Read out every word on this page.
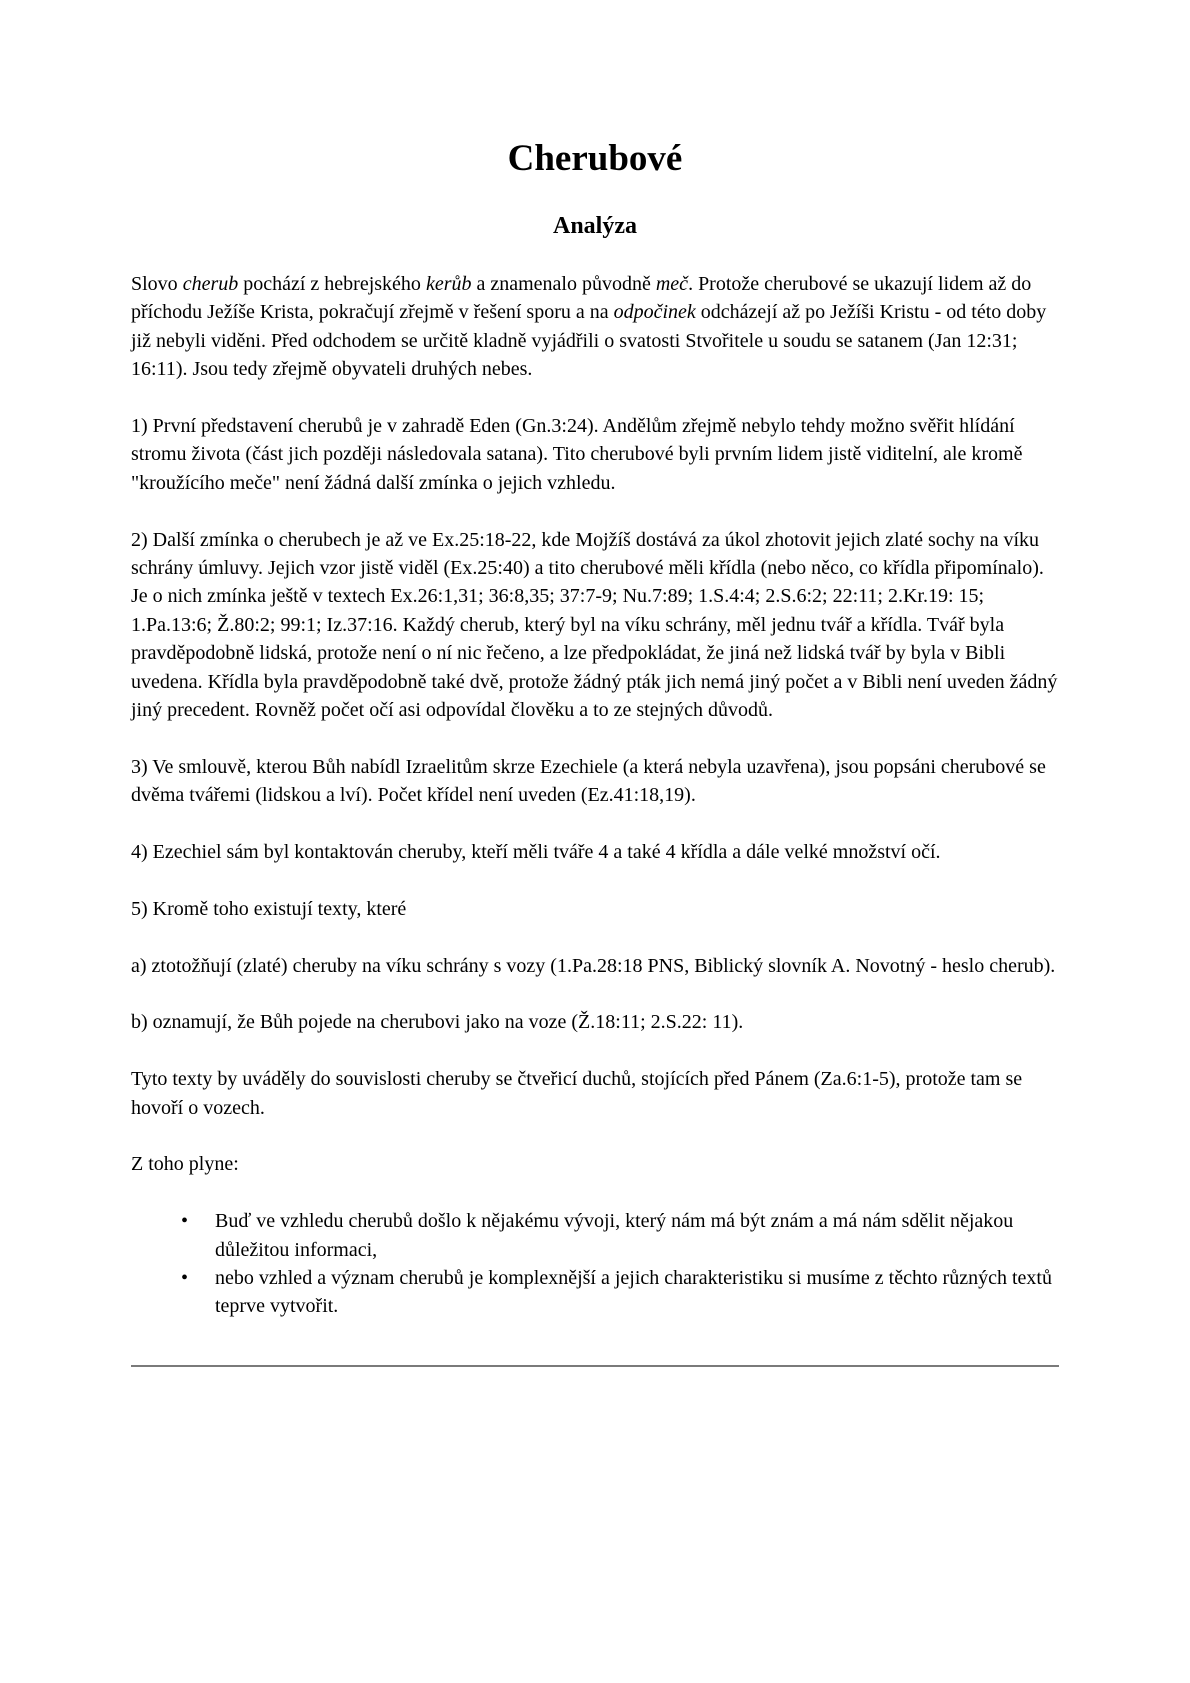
Cherubové
Analýza

Slovo cherub pochází z hebrejského kerůb a znamenalo původně meč. Protože cherubové se ukazují lidem až do příchodu Ježíše Krista, pokračují zřejmě v řešení sporu a na odpočinek odcházejí až po Ježíši Kristu - od této doby již nebyli viděni. Před odchodem se určitě kladně vyjádřili o svatosti Stvořitele u soudu se satanem (Jan 12:31; 16:11). Jsou tedy zřejmě obyvateli druhých nebes.

1) První představení cherubů je v zahradě Eden (Gn.3:24). Andělům zřejmě nebylo tehdy možno svěřit hlídání stromu života (část jich později následovala satana). Tito cherubové byli prvním lidem jistě viditelní, ale kromě "kroužícího meče" není žádná další zmínka o jejich vzhledu.

2) Další zmínka o cherubech je až ve Ex.25:18-22, kde Mojžíš dostává za úkol zhotovit jejich zlaté sochy na víku schrány úmluvy. Jejich vzor jistě viděl (Ex.25:40) a tito cherubové měli křídla (nebo něco, co křídla připomínalo). Je o nich zmínka ještě v textech Ex.26:1,31; 36:8,35; 37:7-9; Nu.7:89; 1.S.4:4; 2.S.6:2; 22:11; 2.Kr.19: 15; 1.Pa.13:6; Ž.80:2; 99:1; Iz.37:16. Každý cherub, který byl na víku schrány, měl jednu tvář a křídla. Tvář byla pravděpodobně lidská, protože není o ní nic řečeno, a lze předpokládat, že jiná než lidská tvář by byla v Bibli uvedena. Křídla byla pravděpodobně také dvě, protože žádný pták jich nemá jiný počet a v Bibli není uveden žádný jiný precedent. Rovněž počet očí asi odpovídal člověku a to ze stejných důvodů.

3) Ve smlouvě, kterou Bůh nabídl Izraelitům skrze Ezechiele (a která nebyla uzavřena), jsou popsáni cherubové se dvěma tvářemi (lidskou a lví). Počet křídel není uveden (Ez.41:18,19).

4) Ezechiel sám byl kontaktován cheruby, kteří měli tváře 4 a také 4 křídla a dále velké množství očí.

5) Kromě toho existují texty, které

a) ztotožňují (zlaté) cheruby na víku schrány s vozy (1.Pa.28:18 PNS, Biblický slovník A. Novotný - heslo cherub).

b) oznamují, že Bůh pojede na cherubovi jako na voze (Ž.18:11; 2.S.22: 11).

Tyto texty by uváděly do souvislosti cheruby se čtveřicí duchů, stojících před Pánem (Za.6:1-5), protože tam se hovoří o vozech.

Z toho plyne:

• Buď ve vzhledu cherubů došlo k nějakému vývoji, který nám má být znám a má nám sdělit nějakou důležitou informaci,
• nebo vzhled a význam cherubů je komplexnější a jejich charakteristiku si musíme z těchto různých textů teprve vytvořit.
